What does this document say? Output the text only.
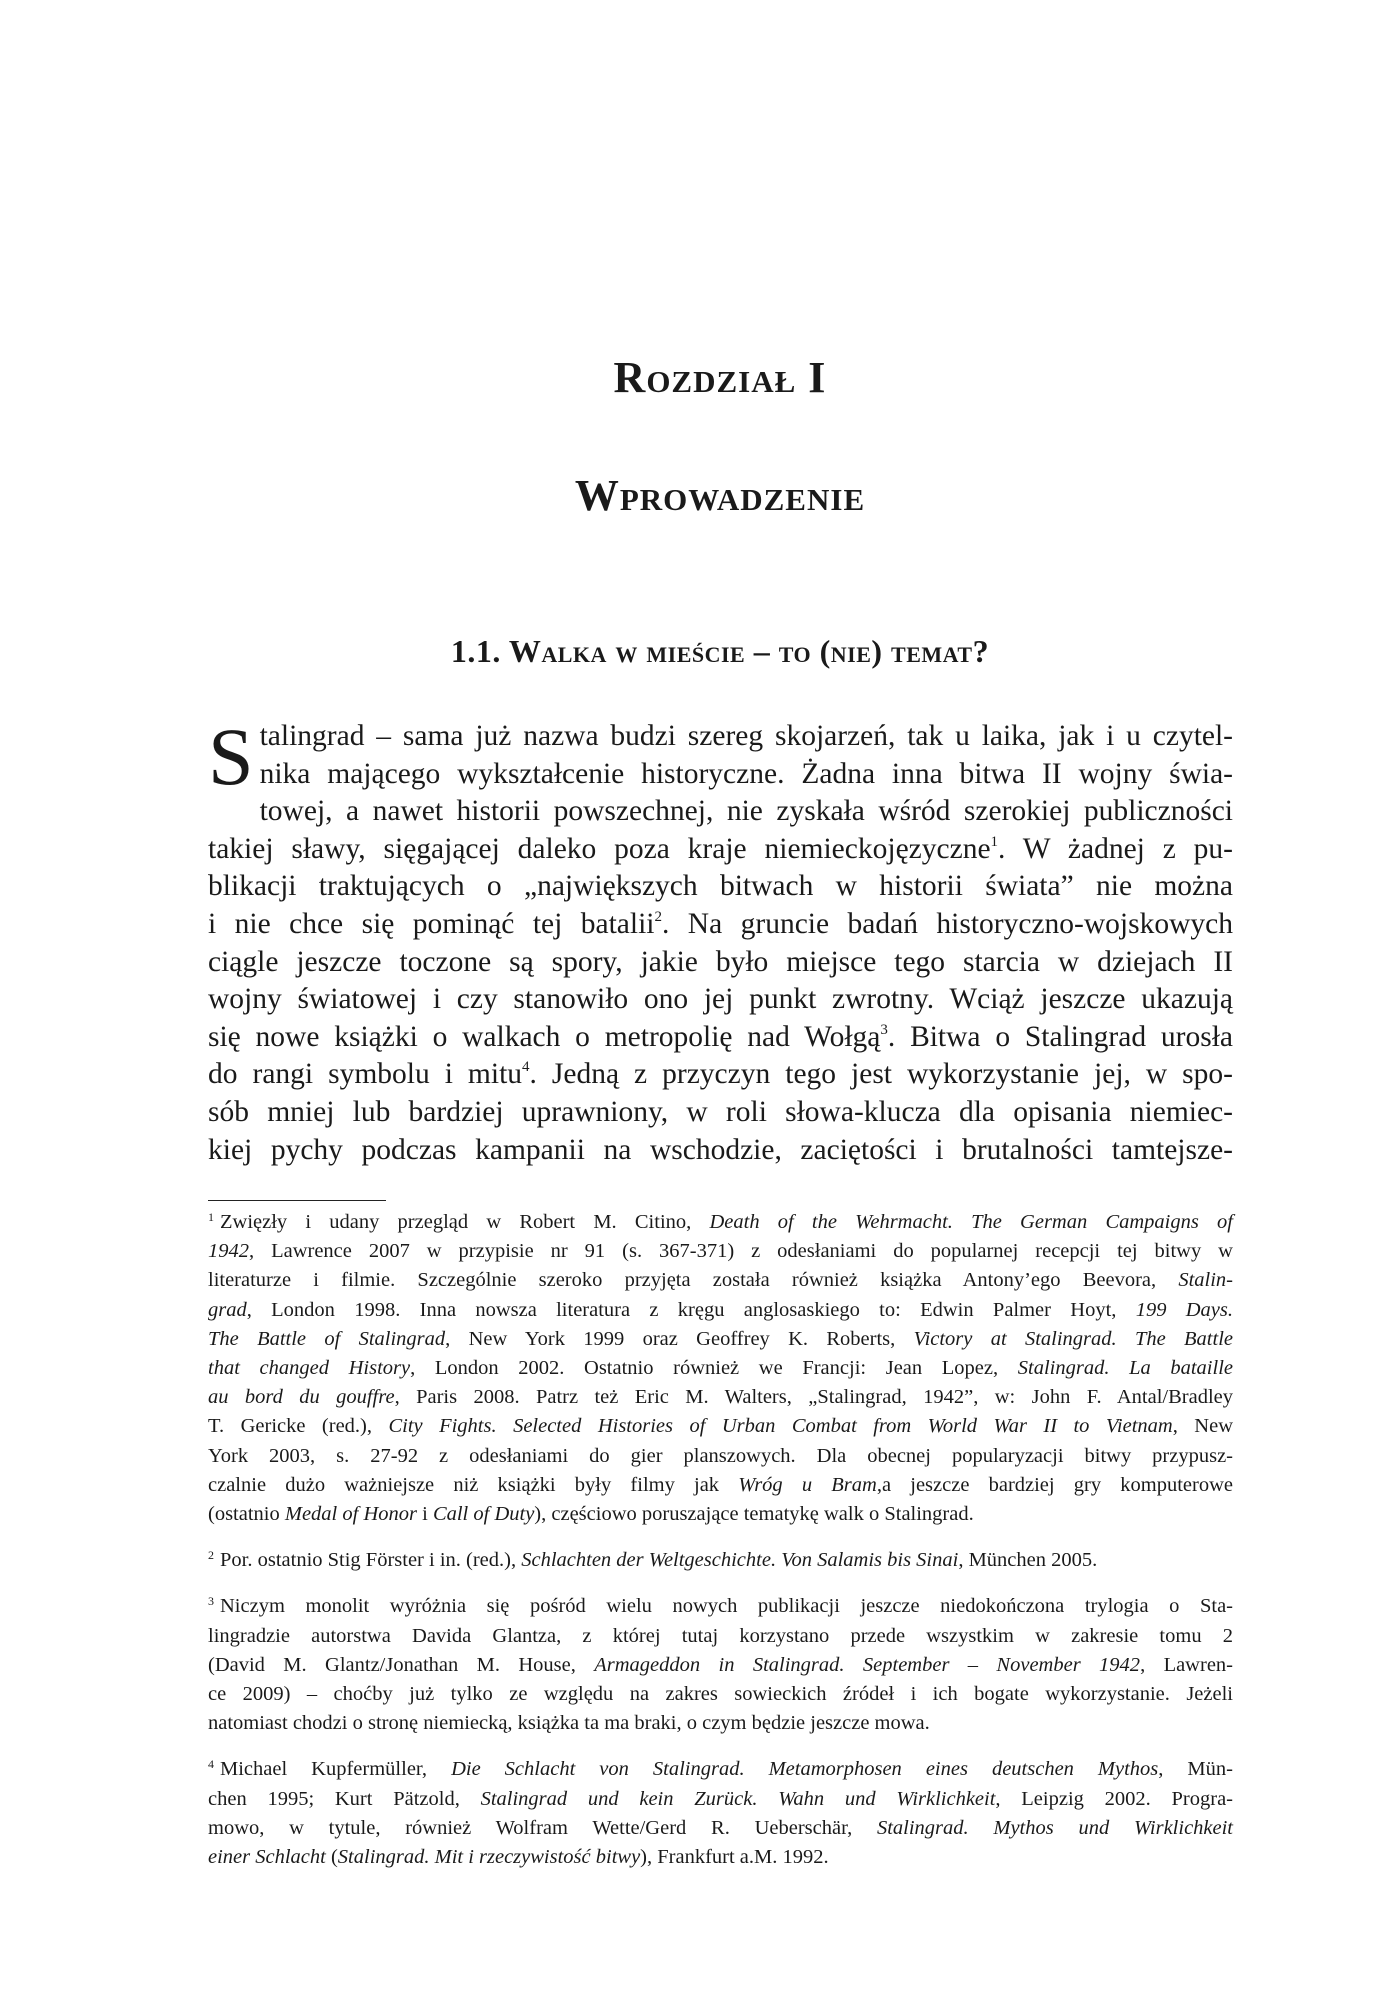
Rozdział I
Wprowadzenie
1.1. Walka w mieście – to (nie) temat?
S talingrad – sama już nazwa budzi szereg skojarzeń, tak u laika, jak i u czytel-
nika mającego wykształcenie historyczne. Żadna inna bitwa II wojny świa-
towej, a nawet historii powszechnej, nie zyskała wśród szerokiej publiczności
takiej sławy, sięgającej daleko poza kraje niemieckojęzyczne$^1$. W żadnej z pu-
blikacji traktujących o „największych bitwach w historii świata” nie można
i nie chce się pominąć tej batalii$^2$. Na gruncie badań historyczno-wojskowych
ciągle jeszcze toczone są spory, jakie było miejsce tego starcia w dziejach II
wojny światowej i czy stanowiło ono jej punkt zwrotny. Wciąż jeszcze ukazują
się nowe książki o walkach o metropolię nad Wołgą$^3$. Bitwa o Stalingrad urosła
do rangi symbolu i mitu$^4$. Jedną z przyczyn tego jest wykorzystanie jej, w spo-
sób mniej lub bardziej uprawniony, w roli słowa-klucza dla opisania niemiec-
kiej pychy podczas kampanii na wschodzie, zaciętości i brutalności tamtejsze-
$^1$ Zwięzły i udany przegląd w Robert M. Citino, Death of the Wehrmacht. The German Campaigns of
1942, Lawrence 2007 w przypisie nr 91 (s. 367-371) z odesłaniami do popularnej recepcji tej bitwy w
literaturze i filmie. Szczególnie szeroko przyjęta została również książka Antony’ego Beevora, Stalin-
grad, London 1998. Inna nowsza literatura z kręgu anglosaskiego to: Edwin Palmer Hoyt, 199 Days.
The Battle of Stalingrad, New York 1999 oraz Geoffrey K. Roberts, Victory at Stalingrad. The Battle
that changed History, London 2002. Ostatnio również we Francji: Jean Lopez, Stalingrad. La bataille
au bord du gouffre, Paris 2008. Patrz też Eric M. Walters, „Stalingrad, 1942”, w: John F. Antal/Bradley
T. Gericke (red.), City Fights. Selected Histories of Urban Combat from World War II to Vietnam, New
York 2003, s. 27-92 z odesłaniami do gier planszowych. Dla obecnej popularyzacji bitwy przypusz-
czalnie dużo ważniejsze niż książki były filmy jak Wróg u Bram,a jeszcze bardziej gry komputerowe
(ostatnio Medal of Honor i Call of Duty), częściowo poruszające tematykę walk o Stalingrad.
$^2$ Por. ostatnio Stig Förster i in. (red.), Schlachten der Weltgeschichte. Von Salamis bis Sinai, München 2005.
$^3$ Niczym monolit wyróżnia się pośród wielu nowych publikacji jeszcze niedokończona trylogia o Sta-
lingradzie autorstwa Davida Glantza, z której tutaj korzystano przede wszystkim w zakresie tomu 2
(David M. Glantz/Jonathan M. House, Armageddon in Stalingrad. September – November 1942, Lawren-
ce 2009) – choćby już tylko ze względu na zakres sowieckich źródeł i ich bogate wykorzystanie. Jeżeli
natomiast chodzi o stronę niemiecką, książka ta ma braki, o czym będzie jeszcze mowa.
$^4$ Michael Kupfermüller, Die Schlacht von Stalingrad. Metamorphosen eines deutschen Mythos, Mün-
chen 1995; Kurt Pätzold, Stalingrad und kein Zurück. Wahn und Wirklichkeit, Leipzig 2002. Progra-
mowo, w tytule, również Wolfram Wette/Gerd R. Ueberschär, Stalingrad. Mythos und Wirklichkeit
einer Schlacht (Stalingrad. Mit i rzeczywistość bitwy), Frankfurt a.M. 1992.
